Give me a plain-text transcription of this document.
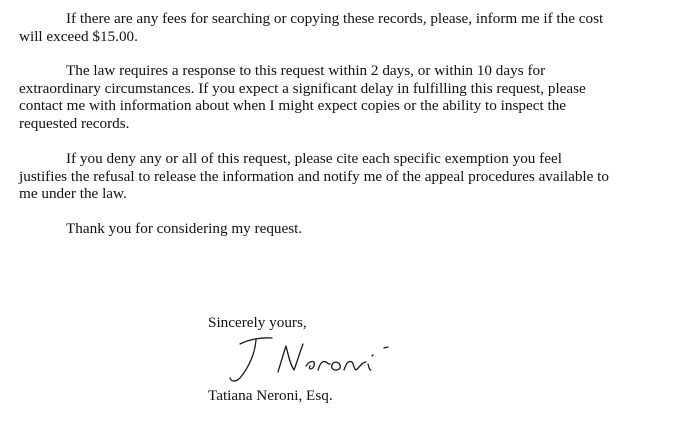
If there are any fees for searching or copying these records, please, inform me if the cost
will exceed $15.00.

The law requires a response to this request within 2 days, or within 10 days for
extraordinary circumstances. If you expect a significant delay in fulfilling this request, please
contact me with information about when I might expect copies or the ability to inspect the
requested records.

If you deny any or all of this request, please cite each specific exemption you feel
justifies the refusal to release the information and notify me of the appeal procedures available to
me under the law.

Thank you for considering my request.

Sincerely yours,

Tatiana Neroni, Esq.
